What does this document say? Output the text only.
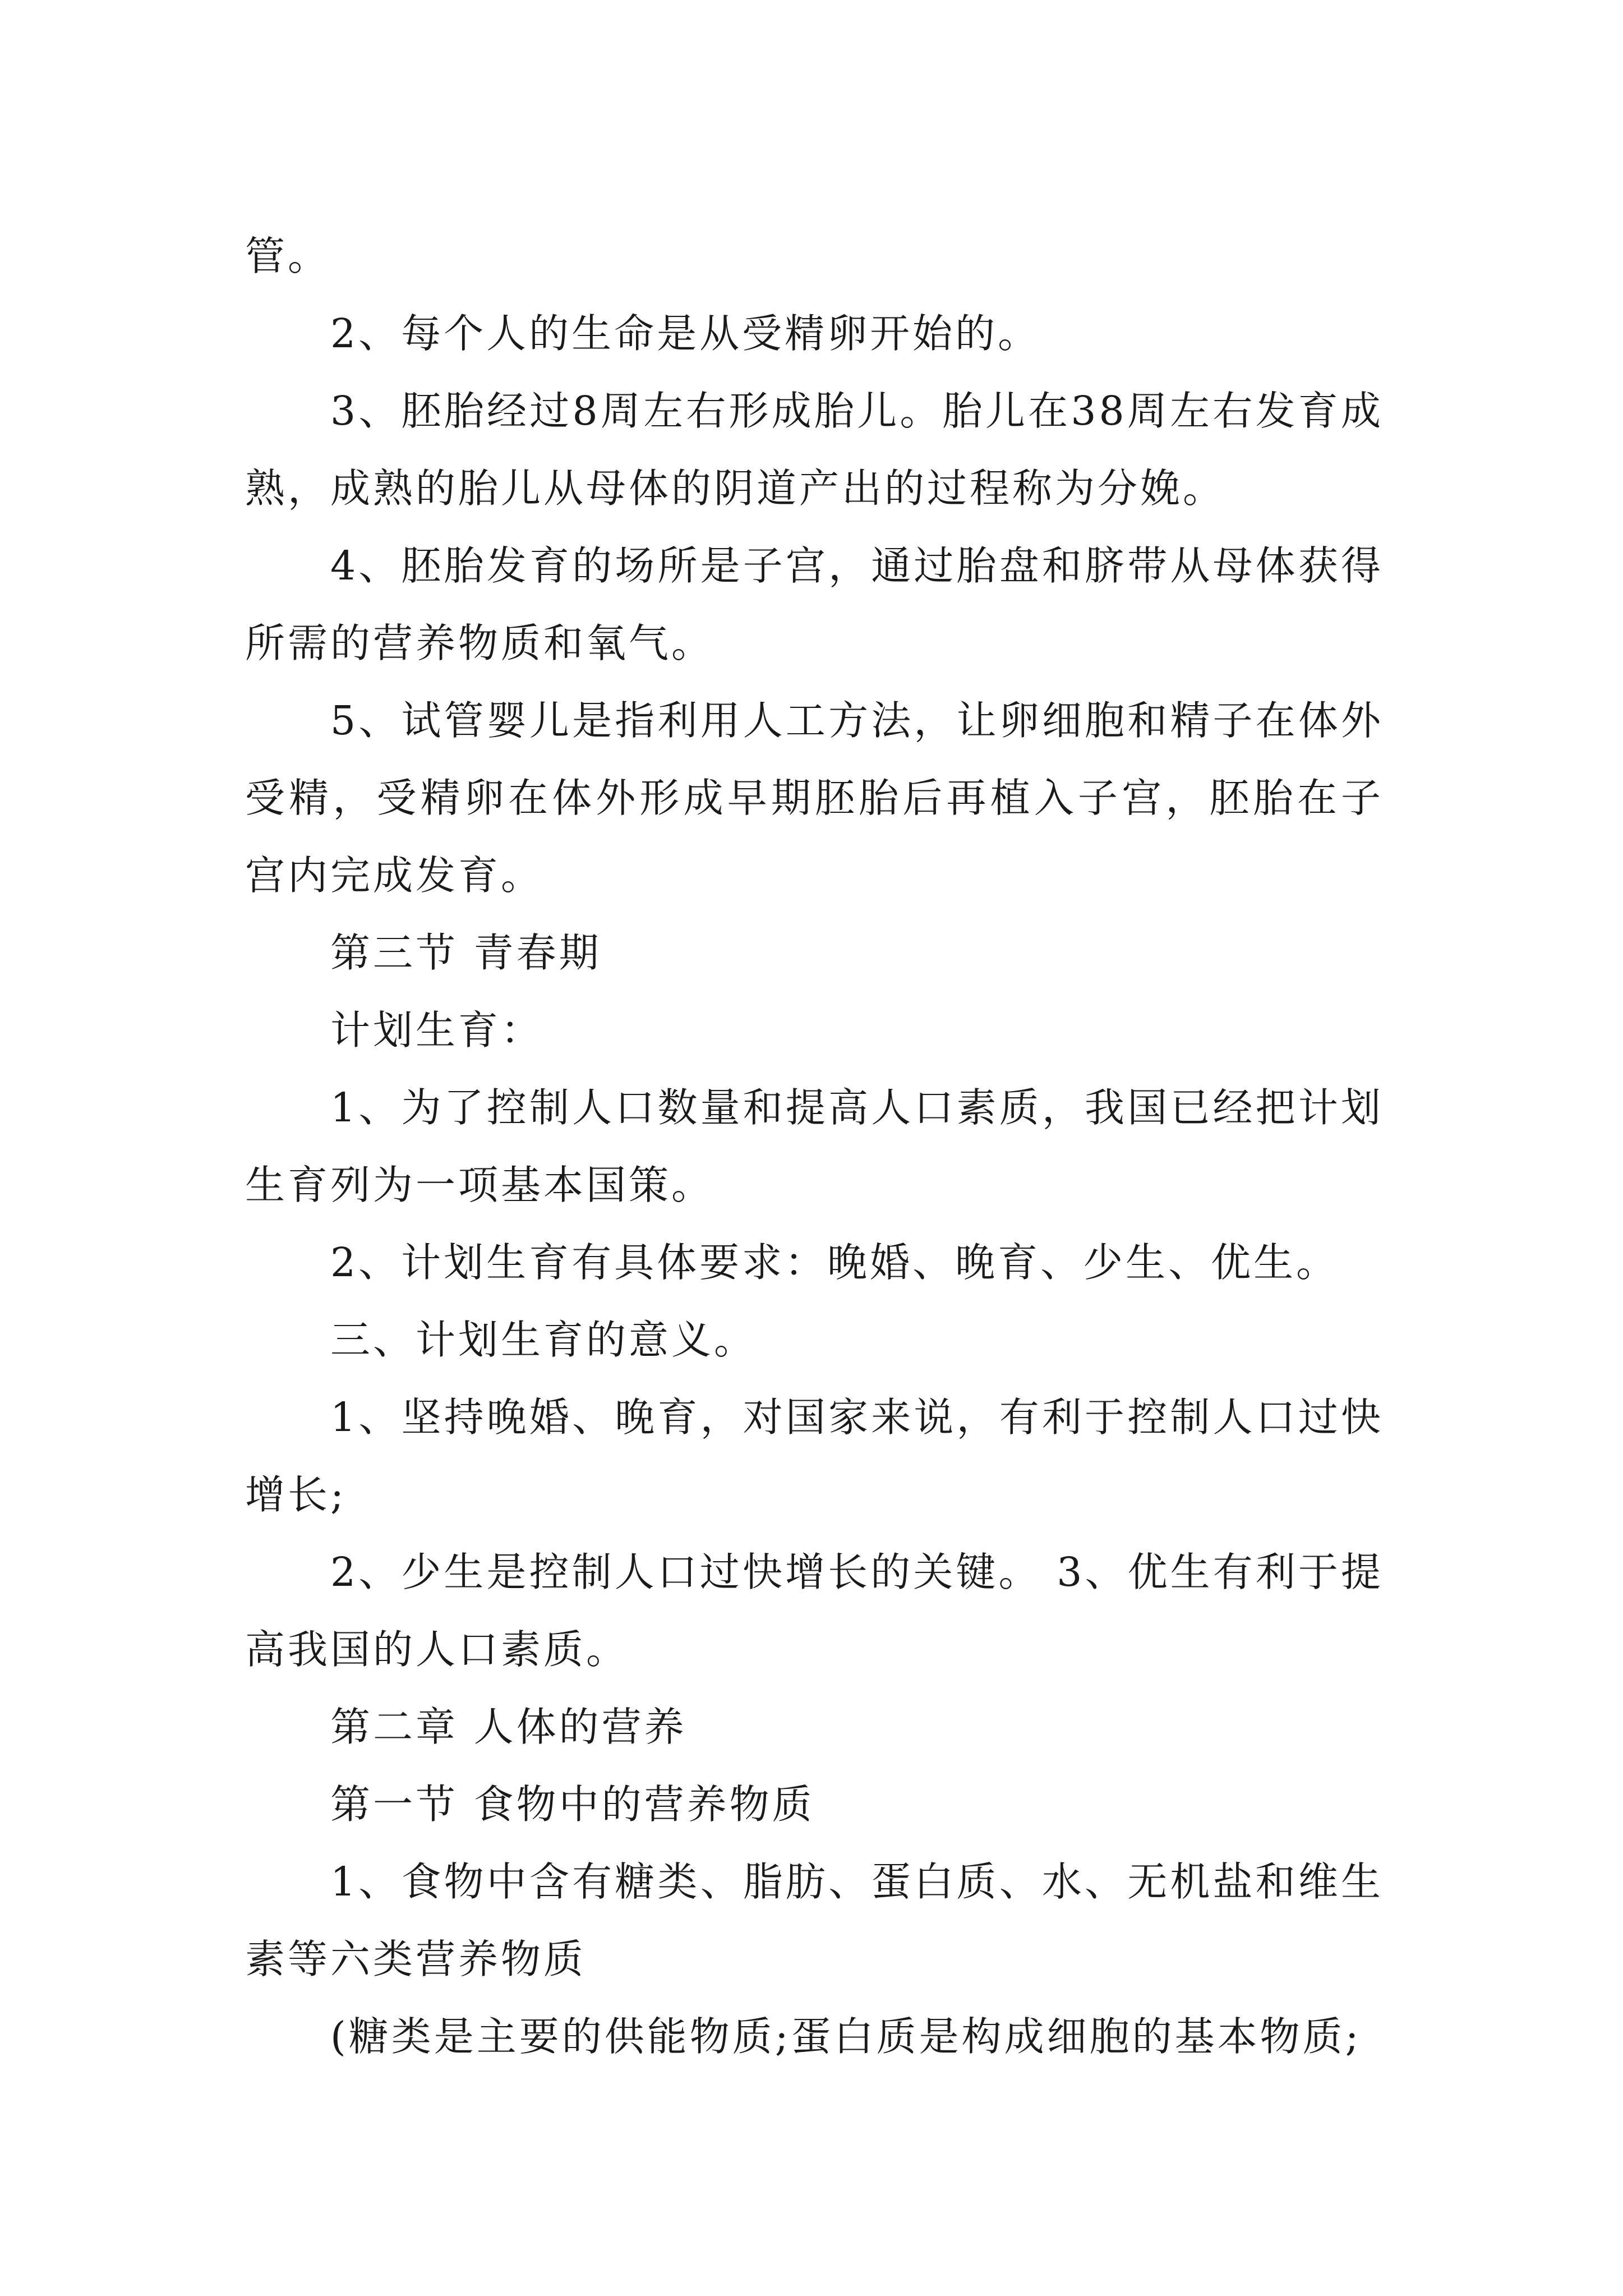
管。

2、每个人的生命是从受精卵开始的。

3、胚胎经过8周左右形成胎儿。胎儿在38周左右发育成熟，成熟的胎儿从母体的阴道产出的过程称为分娩。

4、胚胎发育的场所是子宫，通过胎盘和脐带从母体获得所需的营养物质和氧气。

5、试管婴儿是指利用人工方法，让卵细胞和精子在体外受精，受精卵在体外形成早期胚胎后再植入子宫，胚胎在子宫内完成发育。

第三节 青春期

计划生育：

1、为了控制人口数量和提高人口素质，我国已经把计划生育列为一项基本国策。

2、计划生育有具体要求：晚婚、晚育、少生、优生。

三、计划生育的意义。

1、坚持晚婚、晚育，对国家来说，有利于控制人口过快增长;

2、少生是控制人口过快增长的关键。 3、优生有利于提高我国的人口素质。

第二章 人体的营养

第一节 食物中的营养物质

1、食物中含有糖类、脂肪、蛋白质、水、无机盐和维生素等六类营养物质

(糖类是主要的供能物质;蛋白质是构成细胞的基本物质;
